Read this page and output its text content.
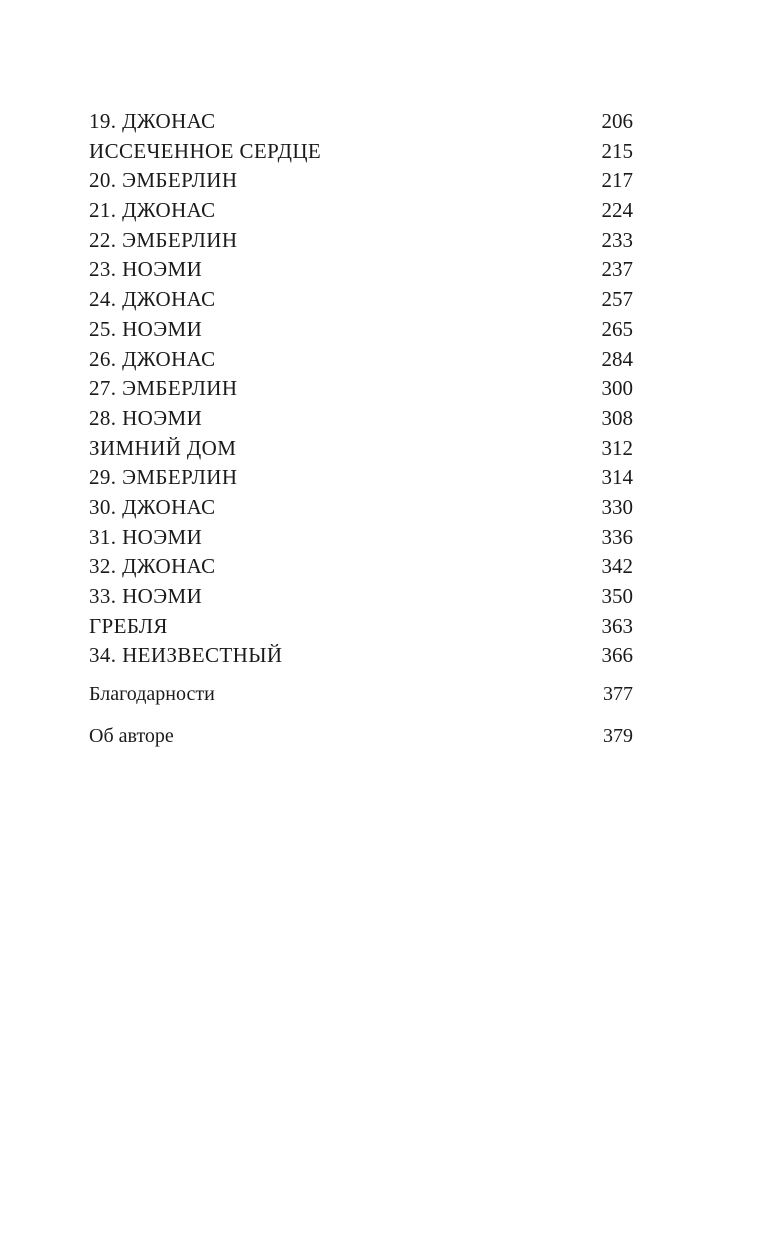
19. ДЖОНАС	206
ИССЕЧЕННОЕ СЕРДЦЕ	215
20. ЭМБЕРЛИН	217
21. ДЖОНАС	224
22. ЭМБЕРЛИН	233
23. НОЭМИ	237
24. ДЖОНАС	257
25. НОЭМИ	265
26. ДЖОНАС	284
27. ЭМБЕРЛИН	300
28. НОЭМИ	308
ЗИМНИЙ ДОМ	312
29. ЭМБЕРЛИН	314
30. ДЖОНАС	330
31. НОЭМИ	336
32. ДЖОНАС	342
33. НОЭМИ	350
ГРЕБЛЯ	363
34. НЕИЗВЕСТНЫЙ	366
Благодарности	377
Об авторе	379
